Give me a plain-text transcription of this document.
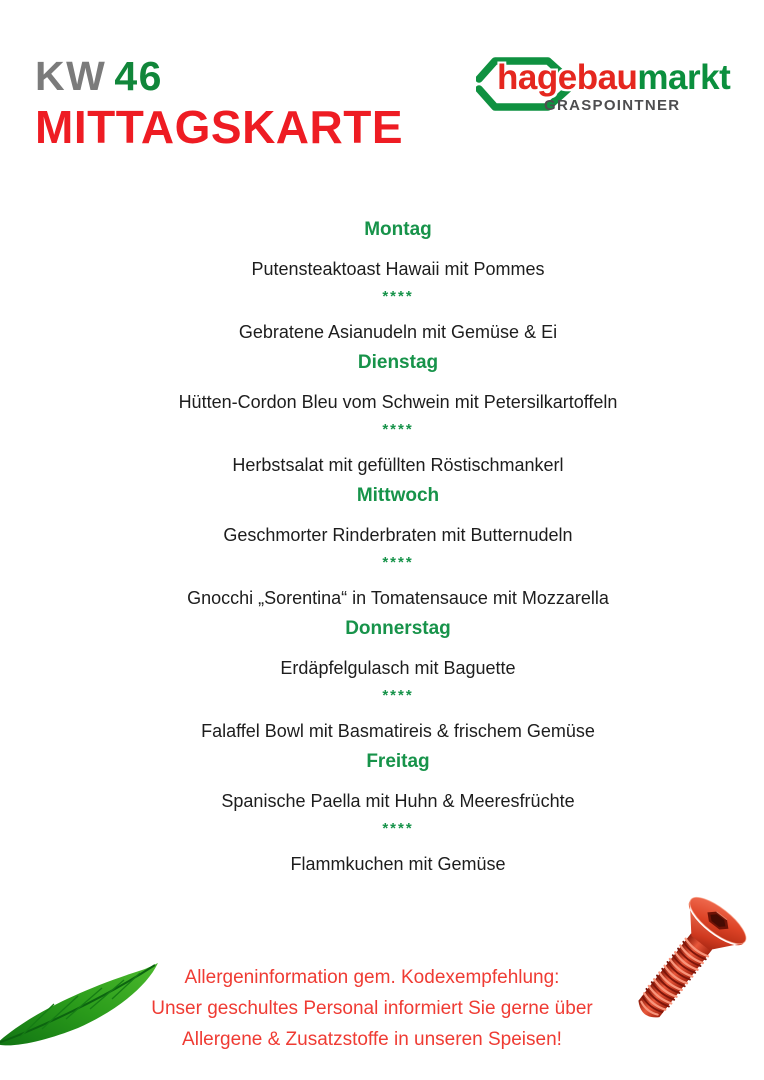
KW 46
MITTAGSKARTE
hagebaumarkt
GRASPOINTNER
Montag
Putensteaktoast Hawaii mit Pommes
****
Gebratene Asianudeln mit Gemüse & Ei
Dienstag
Hütten-Cordon Bleu vom Schwein mit Petersilkartoffeln
****
Herbstsalat mit gefüllten Röstischmankerl
Mittwoch
Geschmorter Rinderbraten mit Butternudeln
****
Gnocchi „Sorentina“ in Tomatensauce mit Mozzarella
Donnerstag
Erdäpfelgulasch mit Baguette
****
Falaffel Bowl mit Basmatireis & frischem Gemüse
Freitag
Spanische Paella mit Huhn & Meeresfrüchte
****
Flammkuchen mit Gemüse
Allergeninformation gem. Kodexempfehlung:
Unser geschultes Personal informiert Sie gerne über
Allergene & Zusatzstoffe in unseren Speisen!
